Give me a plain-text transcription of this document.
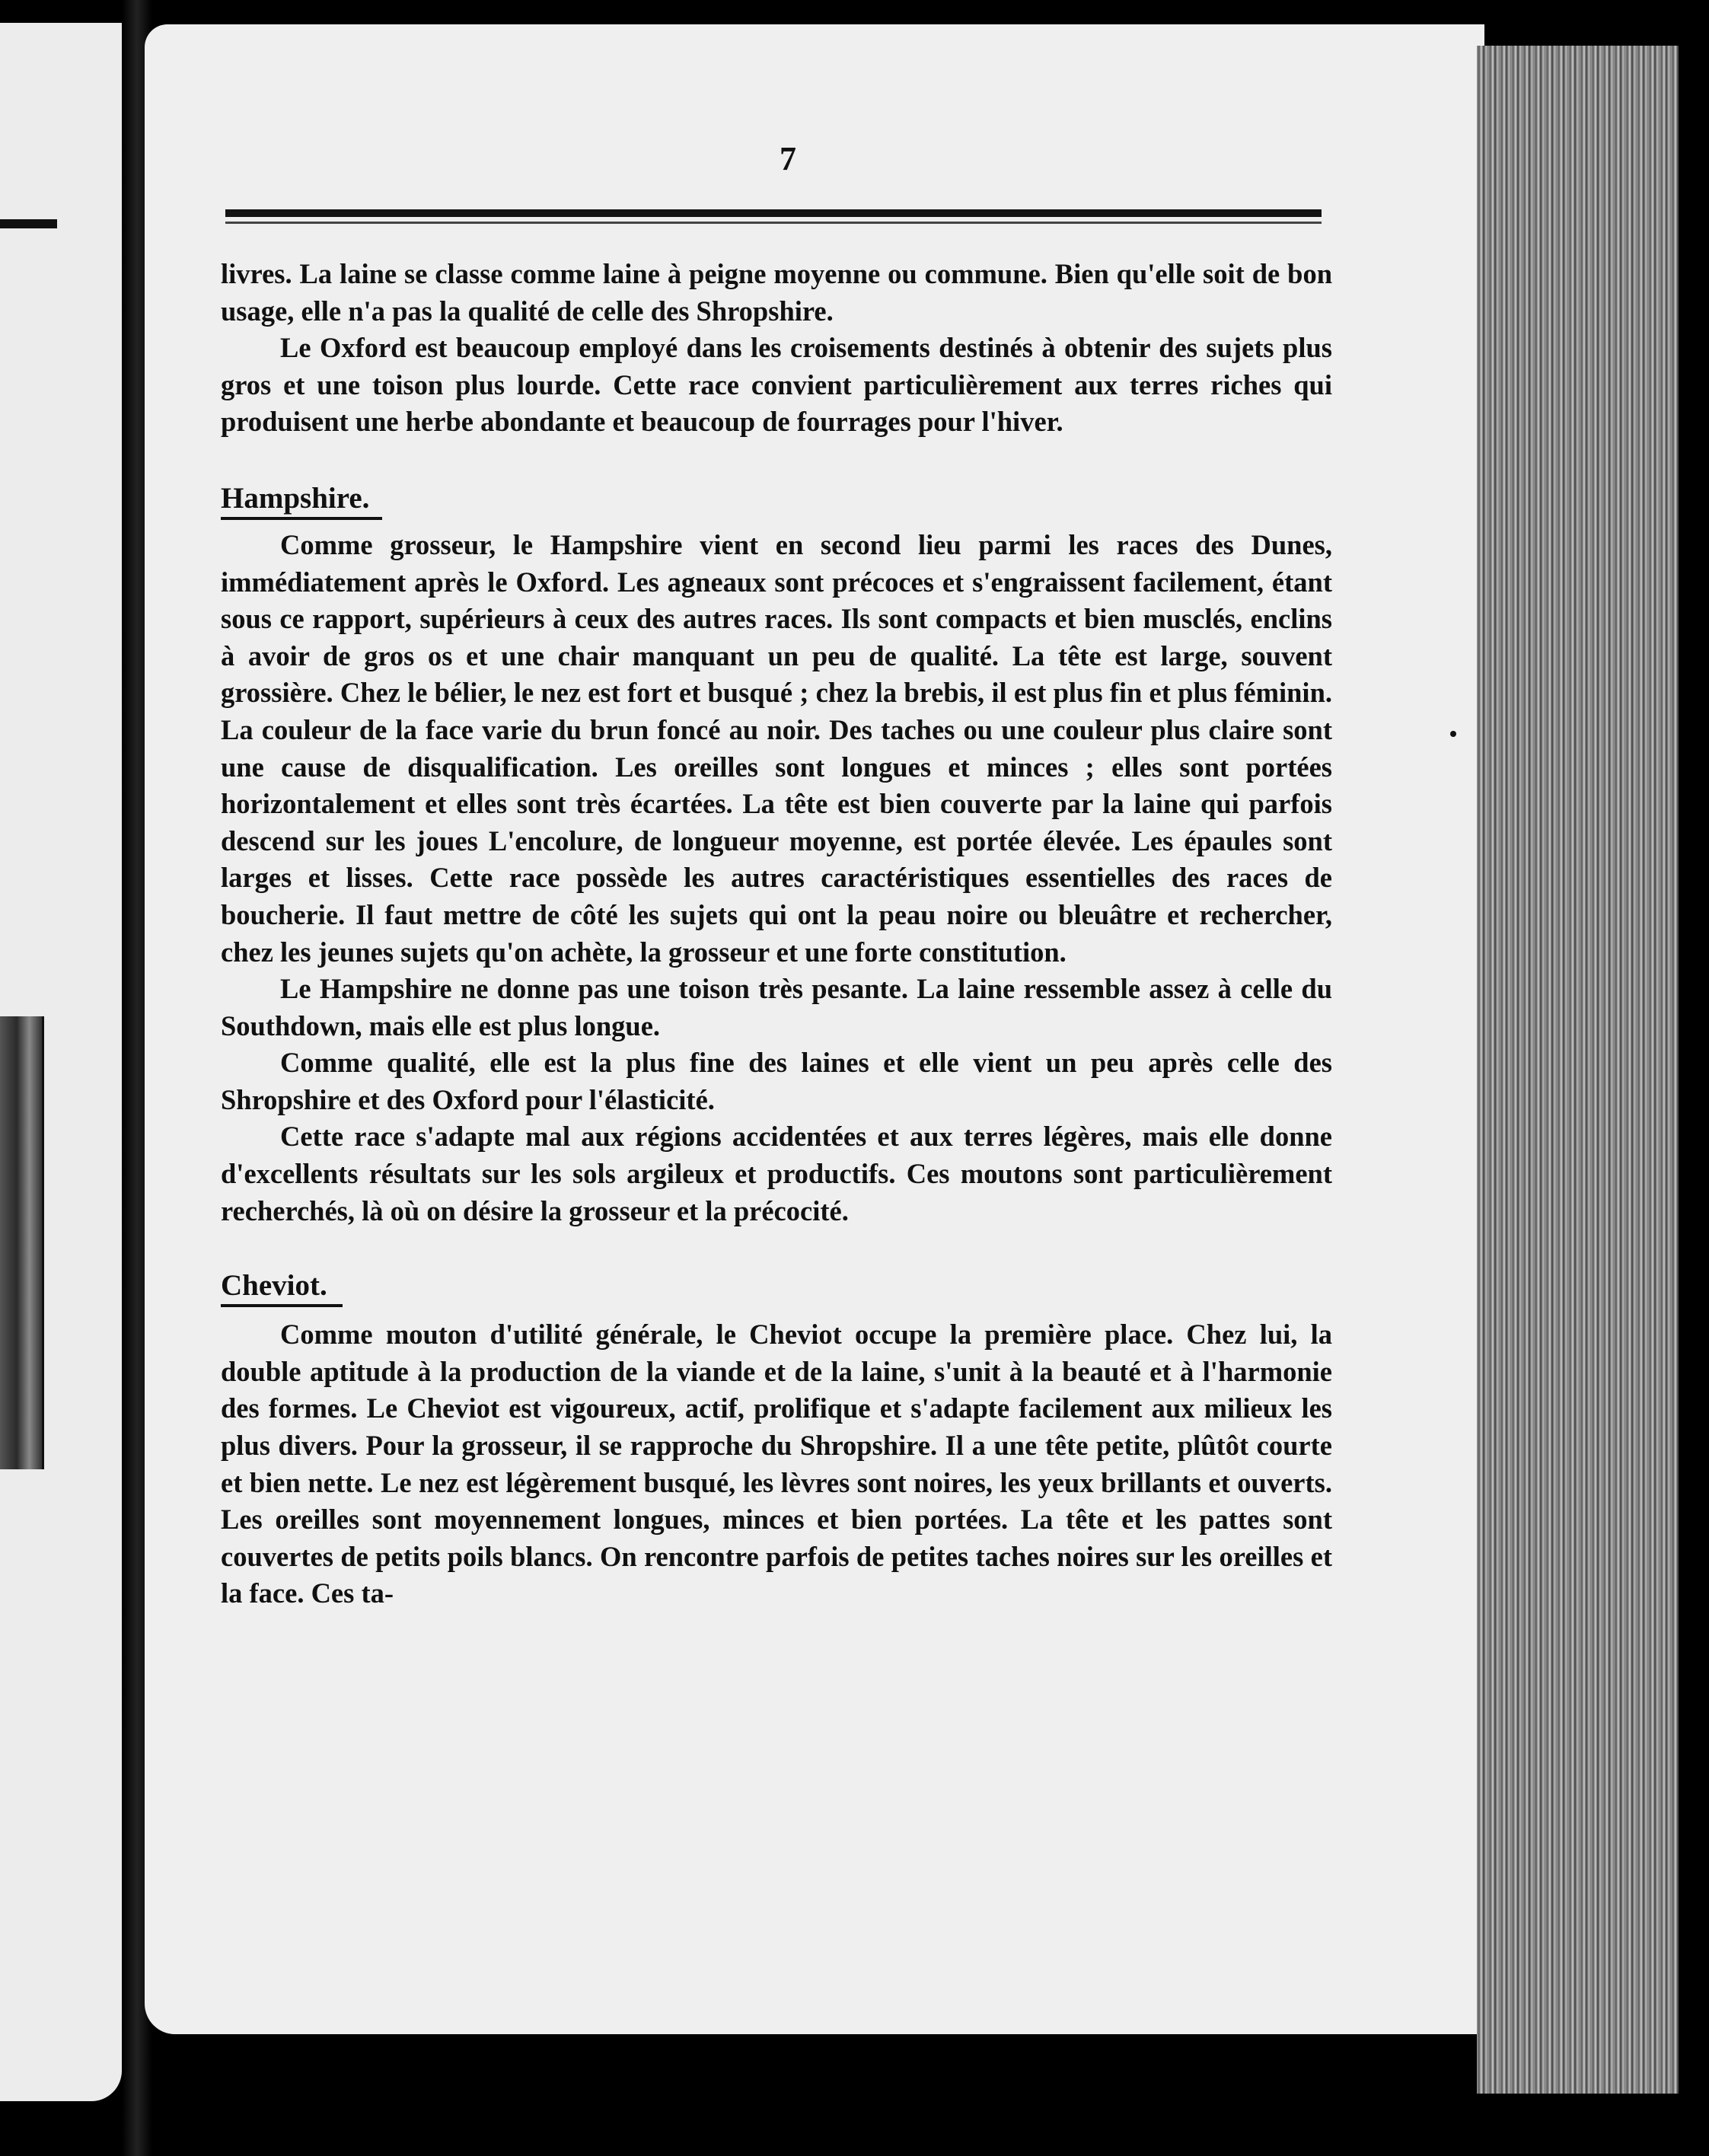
7

livres. La laine se classe comme laine à peigne moyenne ou commune. Bien qu'elle soit de bon usage, elle n'a pas la qualité de celle des Shropshire.

Le Oxford est beaucoup employé dans les croisements destinés à obtenir des sujets plus gros et une toison plus lourde. Cette race convient particulièrement aux terres riches qui produisent une herbe abondante et beaucoup de fourrages pour l'hiver.

Hampshire.

Comme grosseur, le Hampshire vient en second lieu parmi les races des Dunes, immédiatement après le Oxford. Les agneaux sont précoces et s'engraissent facilement, étant sous ce rapport, supérieurs à ceux des autres races. Ils sont compacts et bien musclés, enclins à avoir de gros os et une chair manquant un peu de qualité. La tête est large, souvent grossière. Chez le bélier, le nez est fort et busqué ; chez la brebis, il est plus fin et plus féminin. La couleur de la face varie du brun foncé au noir. Des taches ou une couleur plus claire sont une cause de disqualification. Les oreilles sont longues et minces ; elles sont portées horizontalement et elles sont très écartées. La tête est bien couverte par la laine qui parfois descend sur les joues L'encolure, de longueur moyenne, est portée élevée. Les épaules sont larges et lisses. Cette race possède les autres caractéristiques essentielles des races de boucherie. Il faut mettre de côté les sujets qui ont la peau noire ou bleuâtre et rechercher, chez les jeunes sujets qu'on achète, la grosseur et une forte constitution.

Le Hampshire ne donne pas une toison très pesante. La laine ressemble assez à celle du Southdown, mais elle est plus longue.

Comme qualité, elle est la plus fine des laines et elle vient un peu après celle des Shropshire et des Oxford pour l'élasticité.

Cette race s'adapte mal aux régions accidentées et aux terres légères, mais elle donne d'excellents résultats sur les sols argileux et productifs. Ces moutons sont particulièrement recherchés, là où on désire la grosseur et la précocité.

Cheviot.

Comme mouton d'utilité générale, le Cheviot occupe la première place. Chez lui, la double aptitude à la production de la viande et de la laine, s'unit à la beauté et à l'harmonie des formes. Le Cheviot est vigoureux, actif, prolifique et s'adapte facilement aux milieux les plus divers. Pour la grosseur, il se rapproche du Shropshire. Il a une tête petite, plûtôt courte et bien nette. Le nez est légèrement busqué, les lèvres sont noires, les yeux brillants et ouverts. Les oreilles sont moyennement longues, minces et bien portées. La tête et les pattes sont couvertes de petits poils blancs. On rencontre parfois de petites taches noires sur les oreilles et la face. Ces ta-
